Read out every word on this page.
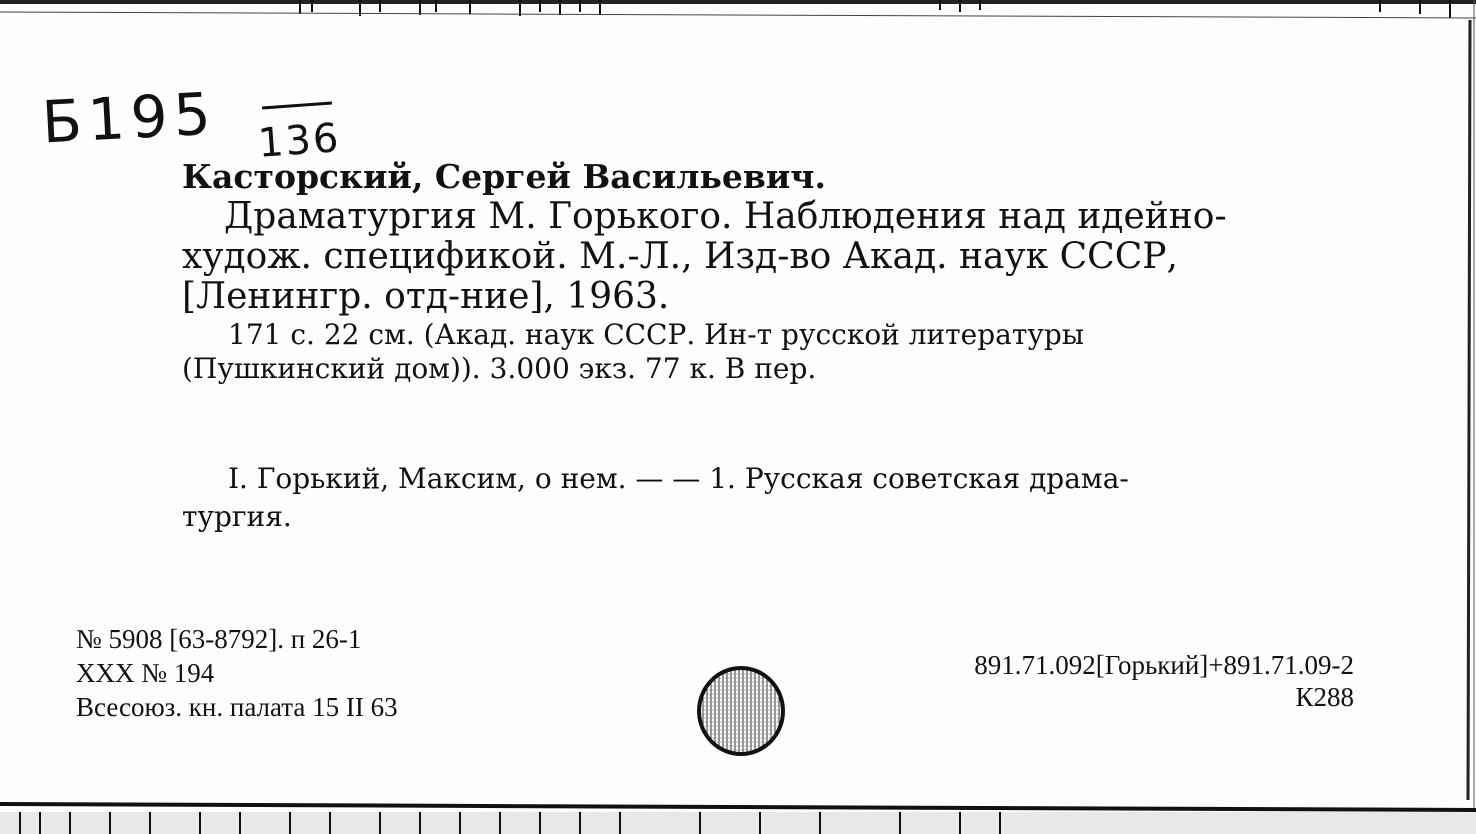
Б195 136
Касторский, Сергей Васильевич.
Драматургия М. Горького. Наблюдения над идейно-
худож. спецификой. М.-Л., Изд-во Акад. наук СССР,
[Ленингр. отд-ние], 1963.
171 с. 22 см. (Акад. наук СССР. Ин-т русской литературы
(Пушкинский дом)). 3.000 экз. 77 к. В пер.
I. Горький, Максим, о нем. — — 1. Русская советская драма-
тургия.
№ 5908 [63-8792]. п 26-1
XXX № 194
Всесоюз. кн. палата 15 II 63
891.71.092[Горький]+891.71.09-2
К288
